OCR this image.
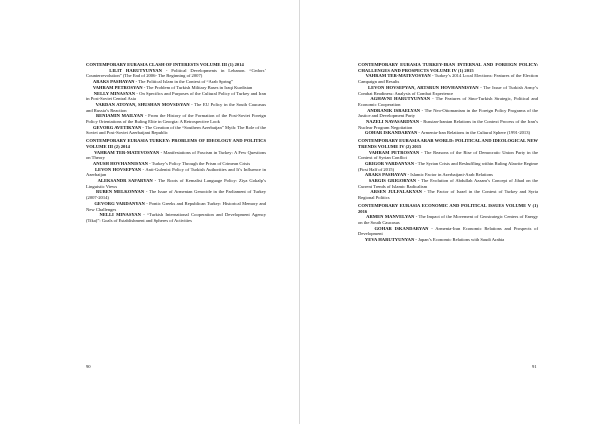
CONTEMPORARY EURASIA CLASH OF INTERESTS VOLUME III (1) 2014
LILIT HARUTYUNYAN - Political Developments in Lebanon. “Cedors’ Counterrevolution” (The End of 2006- The Beginning of 2007)
ARAKS PASHAYAN - The Political Islam in the Context of “Arab Spring”
VAHRAM PETROSYAN - The Problem of Turkish Military Bases in Iraqi Kurdistan
NELLY MINASYAN - On Specifics and Purposes of the Cultural Policy of Turkey and Iran in Post-Soviet Central Asia
VARDAN ATOYAN, SHUSHAN MOVSISYAN - The EU Policy in the South Caucasus and Russia’s Reaction
BENIAMIN MAILYAN - From the History of the Formation of the Post-Soviet Foreign Policy Orientations of the Ruling Elite in Georgia: A Retrospective Look
GEVORG AVETIKYAN - The Creation of the “Southern Azerbaijan” Myth: The Role of the Soviet and Post-Soviet Azerbaijani Republic
CONTEMPORARY EURASIA TURKEY: PROBLEMS OF IDEOLOGY AND POLITICS VOLUME III (2) 2014
VAHRAM TER-MATEVOSYAN - Manifestations of Fascism in Turkey: A Few Questions on Theory
ANUSH HOVHANNISYAN - Turkey’s Policy Through the Prism of Crimean Crisis
LEVON HOVSEPYAN - Anti-Gulenist Policy of Turkish Authorities and It’s Influence in Azerbaijan
ALEKSANDR SAFARYAN - The Roots of Kemalist Language Policy: Ziya Gokalp’s Linguistic Views
RUBEN MELKONYAN - The Issue of Armenian Genocide in the Parliament of Turkey (2007-2014)
GEVORG VARDANYAN - Pontic Greeks and Republican Turkey: Historical Memory and New Challenges
NELLI MINASYAN - “Turkish International Cooperation and Development Agency (Tika)”: Goals of Establishment and Spheres of Activities
90
CONTEMPORARY EURASIA TURKEY-IRAN INTERNAL AND FOREIGN POLICY: CHALLENGES AND PROSPECTS VOLUME IV (1) 2015
VAHRAM TER-MATEVOSYAN - Turkey’s 2014 Local Elections: Features of the Election Campaign and Results
LEVON HOVSEPYAN, ARTSRUN HOVHANNISYAN - The Issue of Turkish Army’s Combat Readiness: Analysis of Combat Experience
AGHAVNI HARUTYUNYAN - The Features of Sino-Turkish Strategic, Political and Economic Cooperation
ANDRANIK ISRAELYAN - The Neo-Ottomanism in the Foreign Policy Programs of the Justice and Development Party
NAZELI NAVASARDYAN - Russian-Iranian Relations in the Context Process of the Iran’s Nuclear Program Negotiation
GOHAR ISKANDARYAN - Armenia-Iran Relations in the Cultural Sphere (1991-2013)
CONTEMPORARY EURASIA ARAB WORLD: POLITICAL AND IDEOLOGICAL NEW TRENDS VOLUME IV (2) 2015
VAHRAM PETROSYAN - The Reasons of the Rise of Democratic Union Party in the Context of Syrian Conflict
GRIGOR VARDANYAN - The Syrian Crisis and Reshuffling within Ruling Alawite Regime (First Half of 2015)
ARAKS PASHAYAN - Islamic Factor in Azerbaijani-Arab Relations
SARGIS GRIGORYAN - The Evolution of Abdullah Azzam’s Concept of Jihad on the Current Trends of Islamic Radicalism
ARSEN JULFALAKYAN - The Factor of Israel in the Context of Turkey and Syria Regional Politics
CONTEMPORARY EURASIA ECONOMIC AND POLITICAL ISSUES VOLUME V (1) 2016
ARMEN MANVELYAN - The Impact of the Movement of Geostrategic Centers of Energy on the South Caucasus
GOHAR ISKANDARYAN - Armenia-Iran Economic Relations and Prospects of Development
YEVA HARUTYUNYAN - Japan’s Economic Relations with Saudi Arabia
91
